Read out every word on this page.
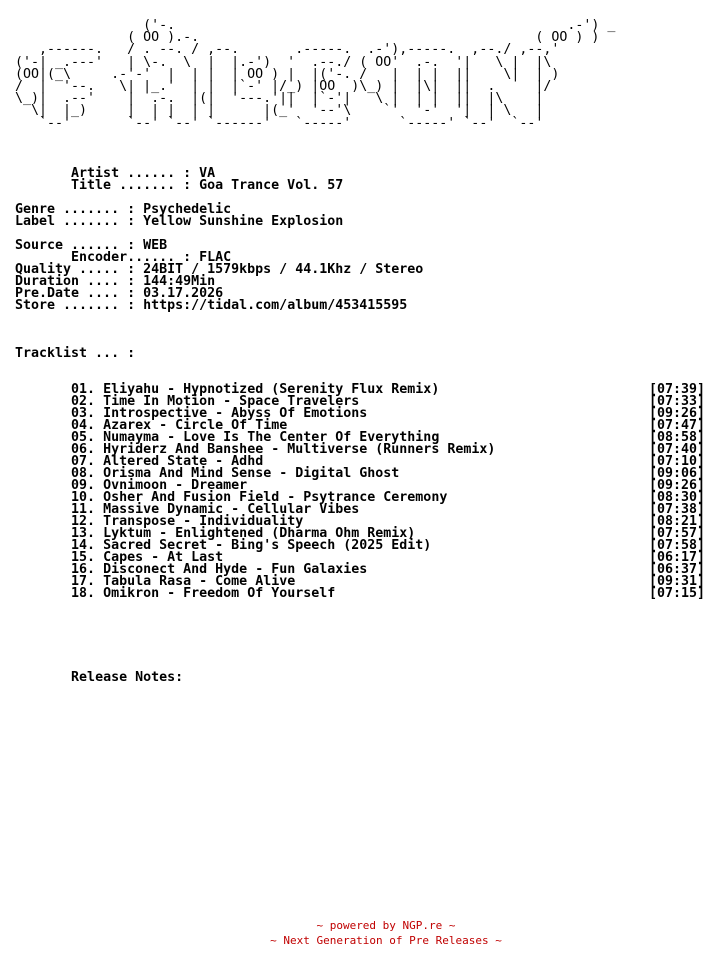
('-.                                                 .-') _
( OO ).-.                                          ( OO ) )
,------.   / . --. / ,--.       .-----.  .-'),-----.  ,--./ ,--,'
('-| _.---'   | \-.  \  |  |.-')  '  .--./ ( OO'  .-.  '|   \ |  |\
(OO|(_\     .-'-'  |  | |  | OO ) |  |('-. /   |  | |  ||    \|  | )
/  |  '--.   \| |_.'  | |  |`-' |/_) |OO  )\_) |  |\|  ||  .     |/
\_)|  .--'    |  .-.  |(|  '---.'||  |`-'|   \ |  | |  ||  |\    |
\|  |_)     |  | |  | |      |(_'  '--'\    `'  '-'  '|  | \   |
`--'       `--' `--' `------'   `-----'      `-----' `--'  `--'
Artist ...... : VA
Title ....... : Goa Trance Vol. 57
Genre ....... : Psychedelic
Label ....... : Yellow Sunshine Explosion
Source ...... : WEB
Encoder...... : FLAC
Quality ..... : 24BIT / 1579kbps / 44.1Khz / Stereo
Duration .... : 144:49Min
Pre.Date .... : 03.17.2026
Store ....... : https://tidal.com/album/453415595
Tracklist ... :
01. Eliyahu - Hypnotized (Serenity Flux Remix)	[07:39]
02. Time In Motion - Space Travelers	[07:33]
03. Introspective - Abyss Of Emotions	[09:26]
04. Azarex - Circle Of Time	[07:47]
05. Numayma - Love Is The Center Of Everything	[08:58]
06. Hyriderz And Banshee - Multiverse (Runners Remix)	[07:40]
07. Altered State - Adhd	[07:10]
08. Orisma And Mind Sense - Digital Ghost	[09:06]
09. Ovnimoon - Dreamer	[09:26]
10. Osher And Fusion Field - Psytrance Ceremony	[08:30]
11. Massive Dynamic - Cellular Vibes	[07:38]
12. Transpose - Individuality	[08:21]
13. Lyktum - Enlightened (Dharma Ohm Remix)	[07:57]
14. Sacred Secret - Bing's Speech (2025 Edit)	[07:58]
15. Capes - At Last	[06:17]
16. Disconect And Hyde - Fun Galaxies	[06:37]
17. Tabula Rasa - Come Alive	[09:31]
18. Omikron - Freedom Of Yourself	[07:15]
Release Notes:
~ powered by NGP.re ~
~ Next Generation of Pre Releases ~
